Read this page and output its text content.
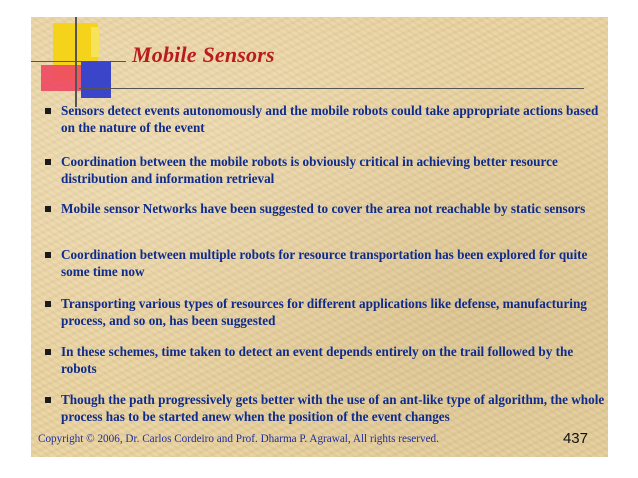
Mobile Sensors
Sensors detect events autonomously and the mobile robots could take appropriate actions based on the nature of the event
Coordination between the mobile robots is obviously critical in achieving better resource distribution and information retrieval
Mobile sensor Networks have been suggested to cover the area not reachable by static sensors
Coordination between multiple robots for resource transportation has been explored for quite some time now
Transporting various types of resources for different applications like defense, manufacturing process, and so on, has been suggested
In these schemes, time taken to detect an event depends entirely on the trail followed by the robots
Though the path progressively gets better with the use of an ant-like type of algorithm, the whole process has to be started anew when the position of the event changes
Copyright © 2006, Dr. Carlos Cordeiro and Prof. Dharma P. Agrawal, All rights reserved.	437
